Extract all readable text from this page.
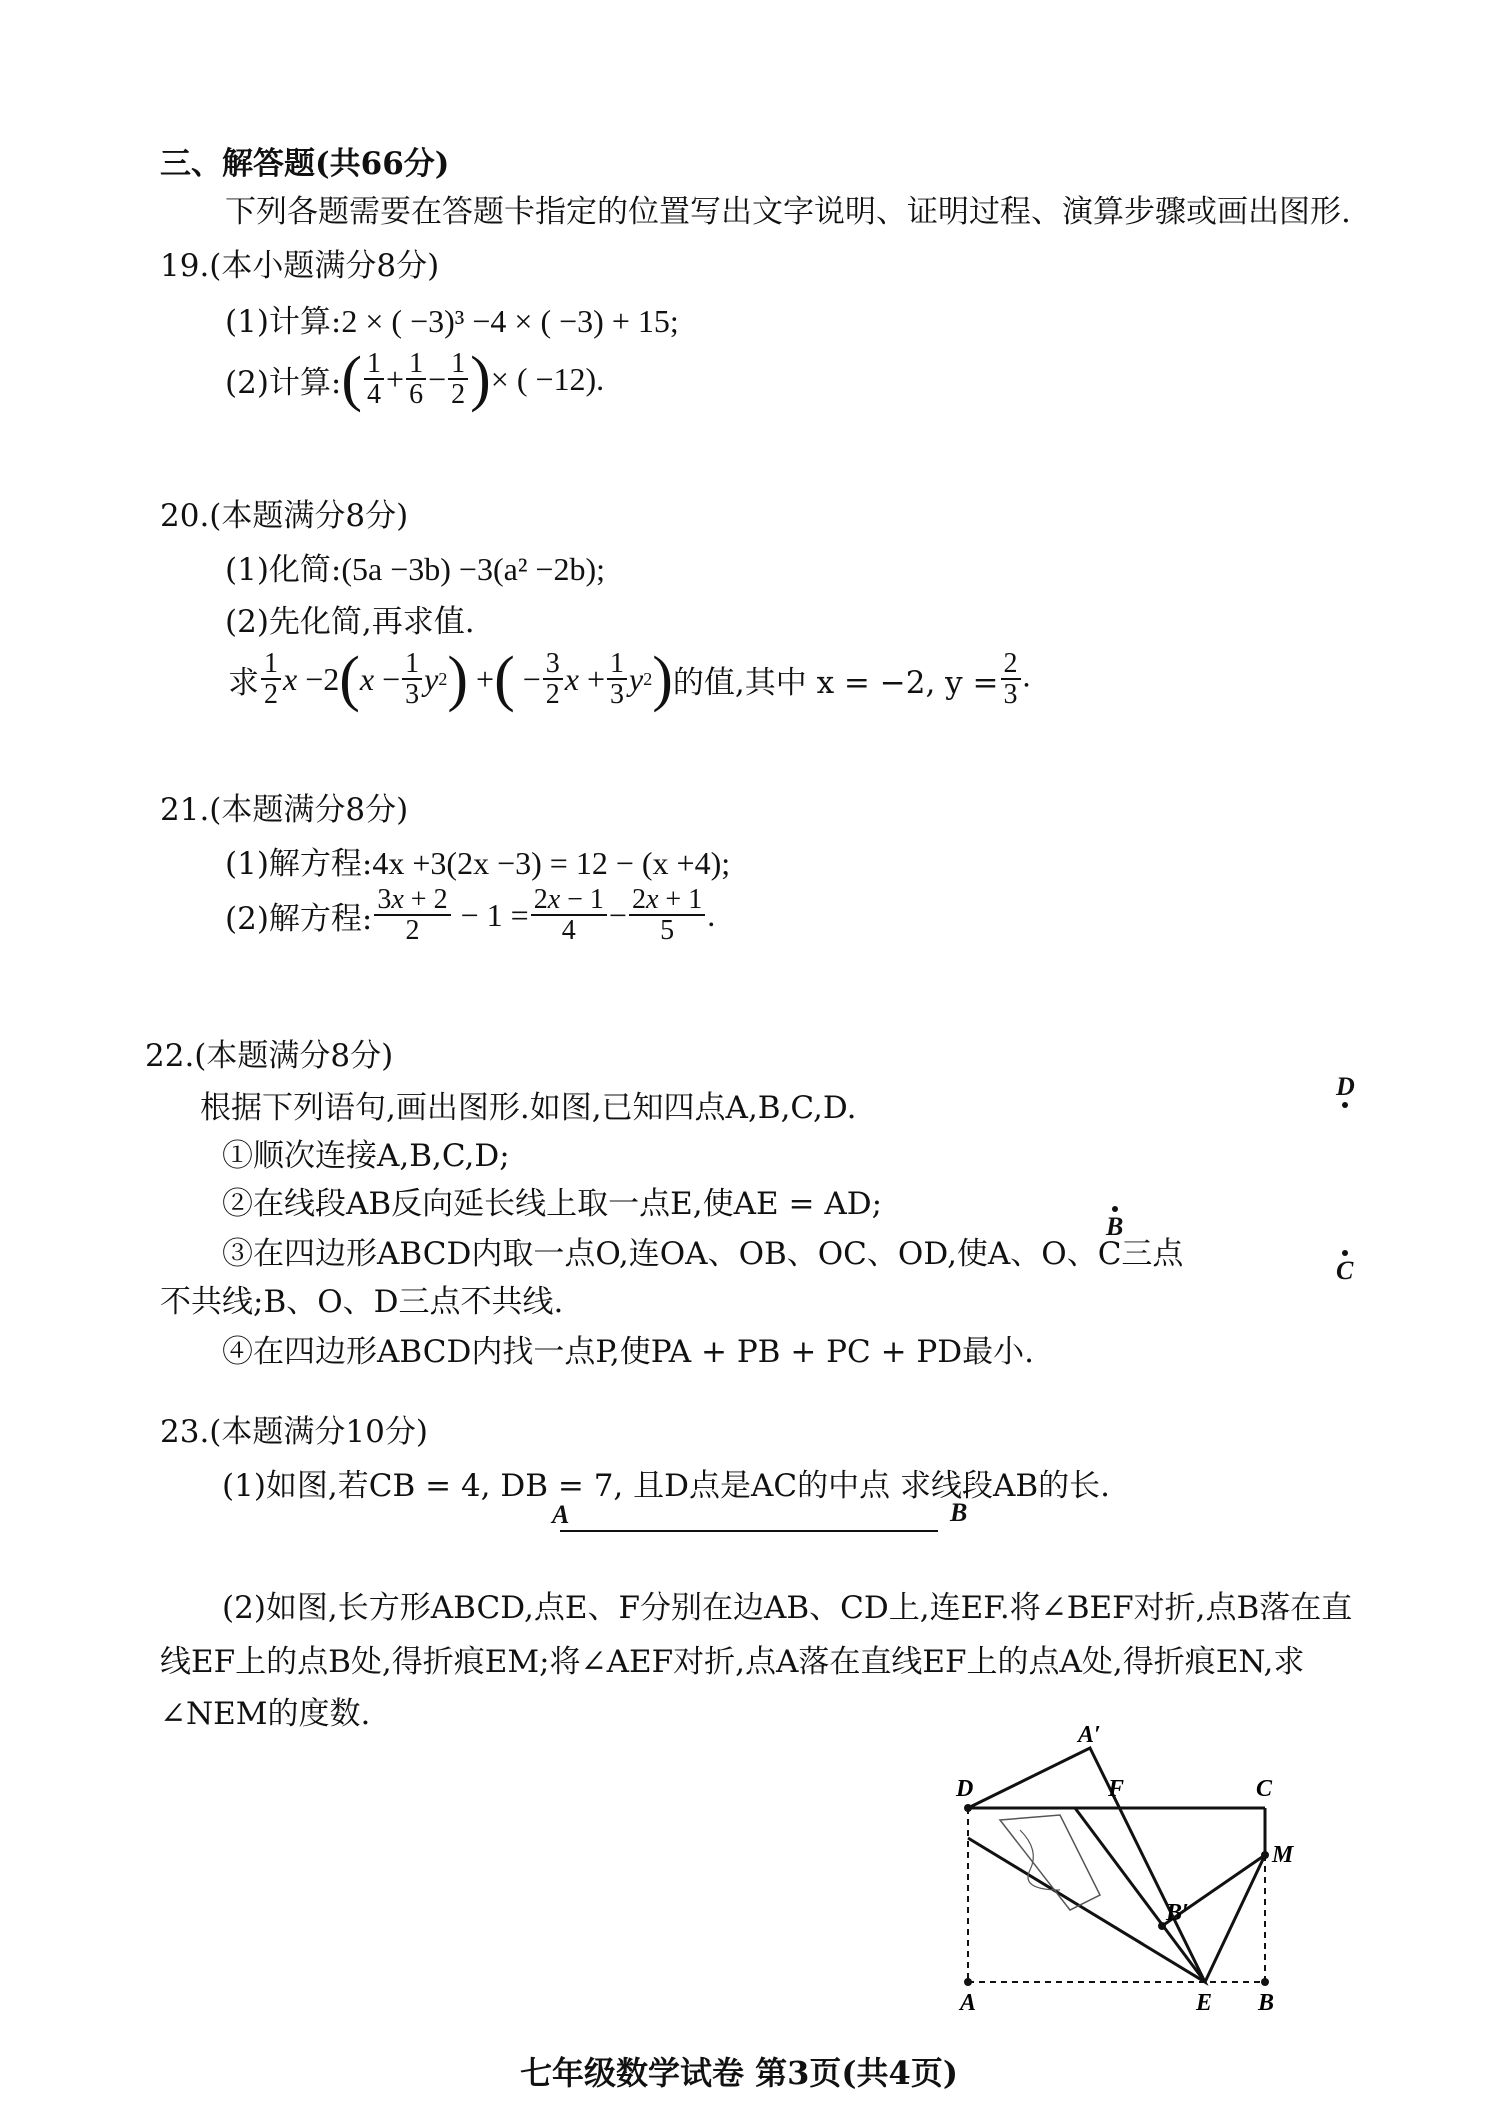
三、解答题(共66分)
下列各题需要在答题卡指定的位置写出文字说明、证明过程、演算步骤或画出图形.
19.(本小题满分8分)
(1)计算:2 × ( −3)³ −4 × ( −3) + 15;
(2)计算: ( $\frac{1}{4} + \frac{1}{6} - \frac{1}{2}$ ) × ( −12).
20.(本题满分8分)
(1)化简:(5a −3b) −3(a² −2b);
(2)先化简,再求值.
求 $\frac{1}{2}$ x −2 ( $x - \frac{1}{3}$ y 2 ) + ( − $\frac{3}{2}$ $x + \frac{1}{3}$ y 2 ) 的值,其中 x = −2, $y = \frac{2}{3}$ .
21.(本题满分8分)
(1)解方程:4x +3(2x −3) = 12 − (x +4);
(2)解方程: $\frac{3x + 2}{2} - 1 = \frac{2x - 1}{4} - \frac{2x + 1}{5}$ .
22.(本题满分8分)
根据下列语句,画出图形.如图,已知四点A,B,C,D.
①顺次连接A,B,C,D;
②在线段AB反向延长线上取一点E,使AE = AD;
③在四边形ABCD内取一点O,连OA、OB、OC、OD,使A、O、C三点
不共线;B、O、D三点不共线.
④在四边形ABCD内找一点P,使PA + PB + PC + PD最小.
D
B
C
23.(本题满分10分)
(1)如图,若CB = 4, DB = 7, 且D点是AC的中点 求线段AB的长.
A	B
(2)如图,长方形ABCD,点E、F分别在边AB、CD上,连EF.将∠BEF对折,点B落在直
线EF上的点B处,得折痕EM;将∠AEF对折,点A落在直线EF上的点A处,得折痕EN,求
∠NEM的度数.
A′
D	F	C
M
B′
A	E B
七年级数学试卷 第3页(共4页)
